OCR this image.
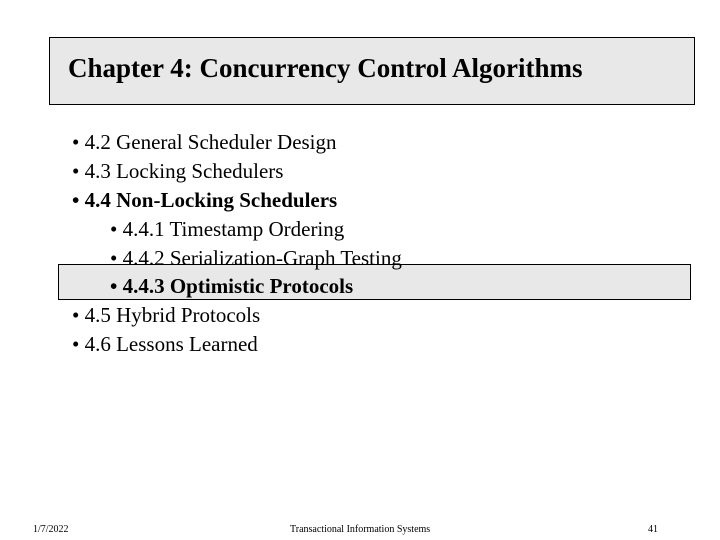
Chapter 4: Concurrency Control Algorithms
• 4.2 General Scheduler Design
• 4.3 Locking Schedulers
• 4.4 Non-Locking Schedulers
• 4.4.1 Timestamp Ordering
• 4.4.2 Serialization-Graph Testing
• 4.4.3 Optimistic Protocols
• 4.5 Hybrid Protocols
• 4.6 Lessons Learned
1/7/2022	Transactional Information Systems	41
